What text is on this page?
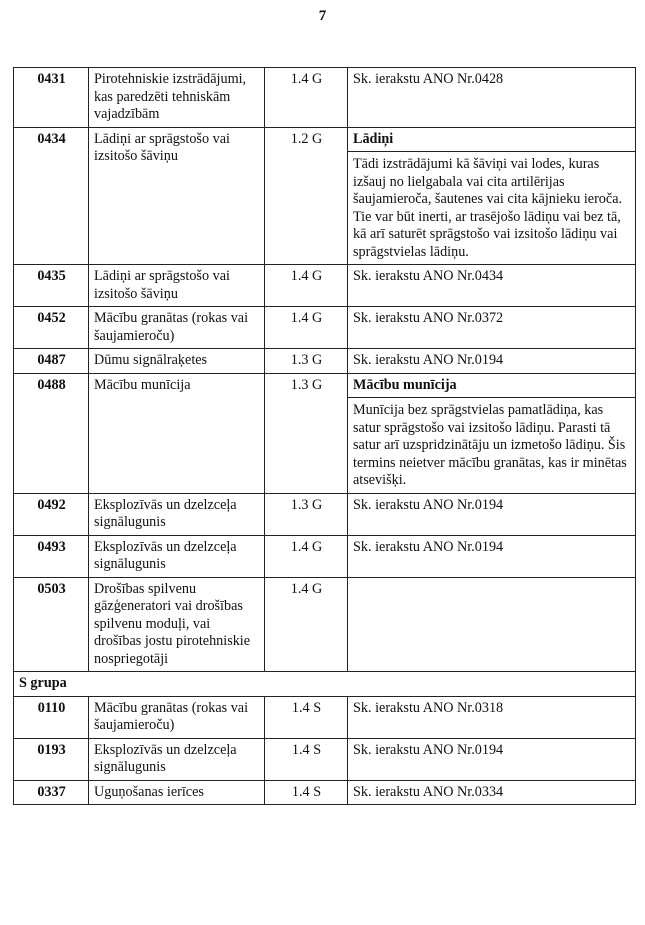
7
0431	Pirotehniskie izstrādājumi, kas paredzēti tehniskām vajadzībām	1.4 G	Sk. ierakstu ANO Nr.0428
0434	Lādiņi ar sprāgstošo vai izsitošo šāviņu	1.2 G	Lādiņi
Tādi izstrādājumi kā šāviņi vai lodes, kuras izšauj no lielgabala vai cita artilērijas šaujamieroča, šautenes vai cita kājnieku ieroča. Tie var būt inerti, ar trasējošo lādiņu vai bez tā, kā arī saturēt sprāgstošo vai izsitošo lādiņu vai sprāgstvielas lādiņu.

0435	Lādiņi ar sprāgstošo vai izsitošo šāviņu	1.4 G	Sk. ierakstu ANO Nr.0434
0452	Mācību granātas (rokas vai šaujamieroču)	1.4 G	Sk. ierakstu ANO Nr.0372
0487	Dūmu signālraķetes	1.3 G	Sk. ierakstu ANO Nr.0194
0488	Mācību munīcija	1.3 G	Mācību munīcija
Munīcija bez sprāgstvielas pamatlādiņa, kas satur sprāgstošo vai izsitošo lādiņu. Parasti tā satur arī uzspridzinātāju un izmetošo lādiņu. Šis termins neietver mācību granātas, kas ir minētas atsevišķi.

0492	Eksplozīvās un dzelzceļa signālugunis	1.3 G	Sk. ierakstu ANO Nr.0194
0493	Eksplozīvās un dzelzceļa signālugunis	1.4 G	Sk. ierakstu ANO Nr.0194
0503	Drošības spilvenu gāzģeneratori vai drošības spilvenu moduļi, vai drošības jostu pirotehniskie nospriegotāji	1.4 G	
S grupa			
0110	Mācību granātas (rokas vai šaujamieroču)	1.4 S	Sk. ierakstu ANO Nr.0318
0193	Eksplozīvās un dzelzceļa signālugunis	1.4 S	Sk. ierakstu ANO Nr.0194
0337	Uguņošanas ierīces	1.4 S	Sk. ierakstu ANO Nr.0334
